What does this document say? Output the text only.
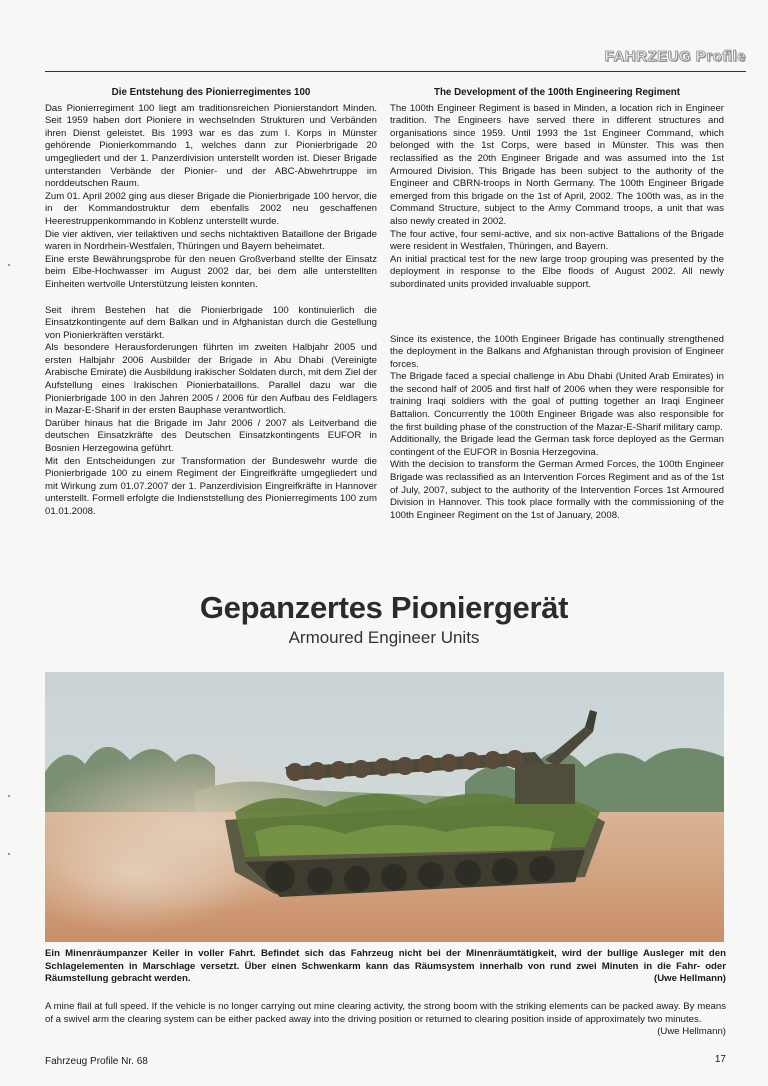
FAHRZEUG Profile
Die Entstehung des Pionierregimentes 100

Das Pionierregiment 100 liegt am traditionsreichen Pionierstandort Minden. Seit 1959 haben dort Pioniere in wechselnden Strukturen und Verbänden ihren Dienst geleistet. Bis 1993 war es das zum I. Korps in Münster gehörende Pionierkommando 1, welches dann zur Pionierbrigade 20 umgegliedert und der 1. Panzerdivision unterstellt worden ist. Dieser Brigade unterstanden Verbände der Pionier- und der ABC-Abwehrtruppe im norddeutschen Raum.

Zum 01. April 2002 ging aus dieser Brigade die Pionierbrigade 100 hervor, die in der Kommandostruktur dem ebenfalls 2002 neu geschaffenen Heerestruppenkommando in Koblenz unterstellt wurde.

Die vier aktiven, vier teilaktiven und sechs nichtaktiven Bataillone der Brigade waren in Nordrhein-Westfalen, Thüringen und Bayern beheimatet.

Eine erste Bewährungsprobe für den neuen Großverband stellte der Einsatz beim Elbe-Hochwasser im August 2002 dar, bei dem alle unterstellten Einheiten wertvolle Unterstützung leisten konnten.

Seit ihrem Bestehen hat die Pionierbrigade 100 kontinuierlich die Einsatzkontingente auf dem Balkan und in Afghanistan durch die Gestellung von Pionierkräften verstärkt.

Als besondere Herausforderungen führten im zweiten Halbjahr 2005 und ersten Halbjahr 2006 Ausbilder der Brigade in Abu Dhabi (Vereinigte Arabische Emirate) die Ausbildung irakischer Soldaten durch, mit dem Ziel der Aufstellung eines Irakischen Pionierbataillons. Parallel dazu war die Pionierbrigade 100 in den Jahren 2005 / 2006 für den Aufbau des Feldlagers in Mazar-E-Sharif in der ersten Bauphase verantwortlich.

Darüber hinaus hat die Brigade im Jahr 2006 / 2007 als Leitverband die deutschen Einsatzkräfte des Deutschen Einsatzkontingents EUFOR in Bosnien Herzegowina geführt.

Mit den Entscheidungen zur Transformation der Bundeswehr wurde die Pionierbrigade 100 zu einem Regiment der Eingreifkräfte umgegliedert und mit Wirkung zum 01.07.2007 der 1. Panzerdivision Eingreifkräfte in Hannover unterstellt. Formell erfolgte die Indienststellung des Pionierregiments 100 zum 01.01.2008.

The Development of the 100th Engineering Regiment

The 100th Engineer Regiment is based in Minden, a location rich in Engineer tradition. The Engineers have served there in different structures and organisations since 1959. Until 1993 the 1st Engineer Command, which belonged with the 1st Corps, were based in Münster. This was then reclassified as the 20th Engineer Brigade and was assumed into the 1st Armoured Division. This Brigade has been subject to the authority of the Engineer and CBRN-troops in North Germany. The 100th Engineer Brigade emerged from this brigade on the 1st of April, 2002. The 100th was, as in the Command Structure, subject to the Army Command troops, a unit that was also newly created in 2002.

The four active, four semi-active, and six non-active Battalions of the Brigade were resident in Westfalen, Thüringen, and Bayern.

An initial practical test for the new large troop grouping was presented by the deployment in response to the Elbe floods of August 2002. All newly subordinated units provided invaluable support.

Since its existence, the 100th Engineer Brigade has continually strengthened the deployment in the Balkans and Afghanistan through provision of Engineer forces.

The Brigade faced a special challenge in Abu Dhabi (United Arab Emirates) in the second half of 2005 and first half of 2006 when they were responsible for training Iraqi soldiers with the goal of putting together an Iraqi Engineer Battalion. Concurrently the 100th Engineer Brigade was also responsible for the first building phase of the construction of the Mazar-E-Sharif military camp.

Additionally, the Brigade lead the German task force deployed as the German contingent of the EUFOR in Bosnia Herzegovina.

With the decision to transform the German Armed Forces, the 100th Engineer Brigade was reclassified as an Intervention Forces Regiment and as of the 1st of July, 2007, subject to the authority of the Intervention Forces 1st Armoured Division in Hannover. This took place formally with the commissioning of the 100th Engineer Regiment on the 1st of January, 2008.

Gepanzertes Pioniergerät
Armoured Engineer Units
Ein Minenräumpanzer Keiler in voller Fahrt. Befindet sich das Fahrzeug nicht bei der Minenräumtätigkeit, wird der bullige Ausleger mit den Schlagelementen in Marschlage versetzt. Über einen Schwenkarm kann das Räumsystem innerhalb von rund zwei Minuten in die Fahr- oder Räumstellung gebracht werden.	(Uwe Hellmann)
A mine flail at full speed. If the vehicle is no longer carrying out mine clearing activity, the strong boom with the striking elements can be packed away. By means of a swivel arm the clearing system can be either packed away into the driving position or returned to clearing position inside of approximately two minutes.
(Uwe Hellmann)
Fahrzeug Profile Nr. 68	17
